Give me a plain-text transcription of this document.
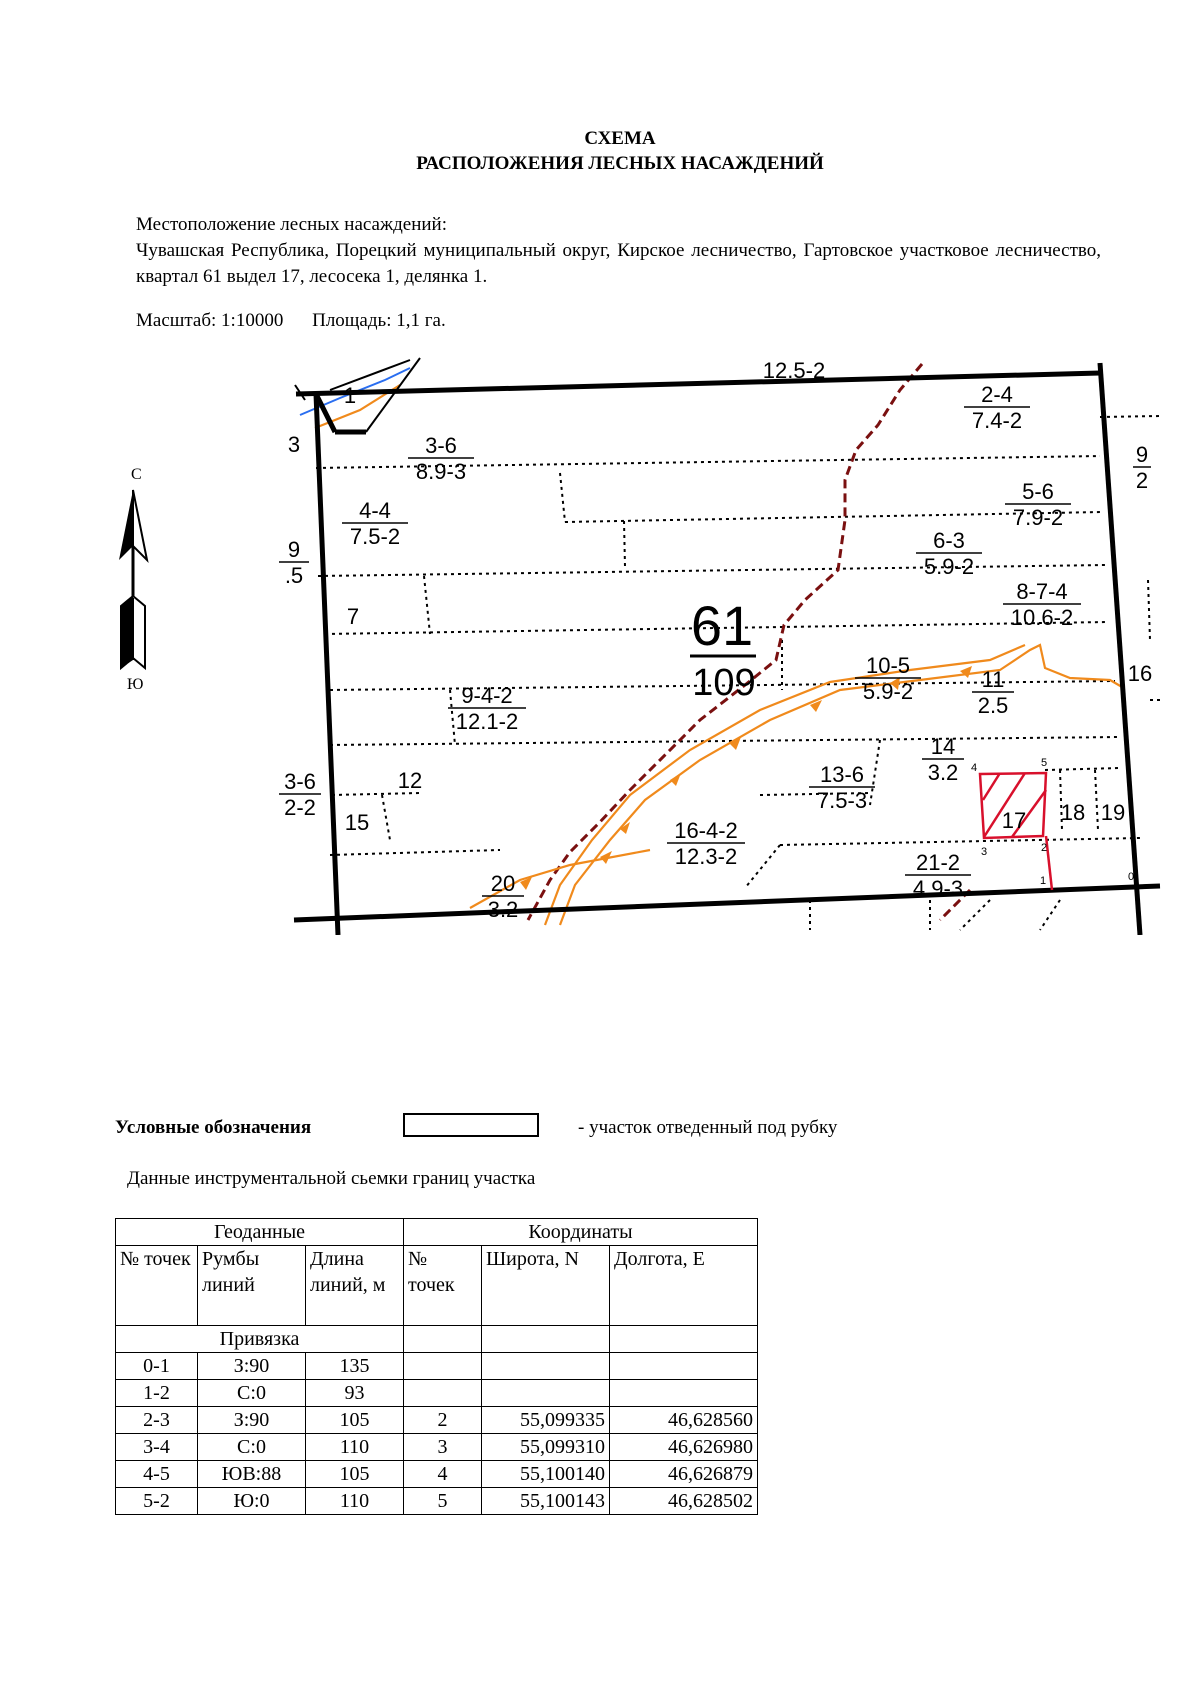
СХЕМА
РАСПОЛОЖЕНИЯ ЛЕСНЫХ НАСАЖДЕНИЙ
Местоположение лесных насаждений:
Чувашская Республика, Порецкий муниципальный округ, Кирское лесничество, Гартовское участковое лесничество, квартал 61 выдел 17, лесосека 1, делянка 1.
Масштаб: 1:10000 Площадь: 1,1 га.
С
Ю
61
109
12.5-2
2-4
7.4-2
3-6
8.9-3
9
2
5-6
7.9-2
4-4
7.5-2	6-3
5.9-2
9
.5
8-7-4
10.6-2
7
10-5
5.9-2	11
2.5
16
9-4-2
12.1-2
14
3.2
3-6
2-2
12	13-6
7.5-3	18 19
15	16-4-2
12.3-2	21-2
4.9-3
20
3.2
1
3
17
0
1
2
3
4	5
Условные обозначения	- участок отведенный под рубку
Данные инструментальной сьемки границ участка
Геоданные			Координаты		
№ точек	Румбы линий	Длина линий, м	№ точек	Широта, N	Долгота, E
Привязка					
0-1	З:90	135			
1-2	С:0	93			
2-3	З:90	105	2	55,099335	46,628560
3-4	С:0	110	3	55,099310	46,626980
4-5	ЮВ:88	105	4	55,100140	46,626879
5-2	Ю:0	110	5	55,100143	46,628502
